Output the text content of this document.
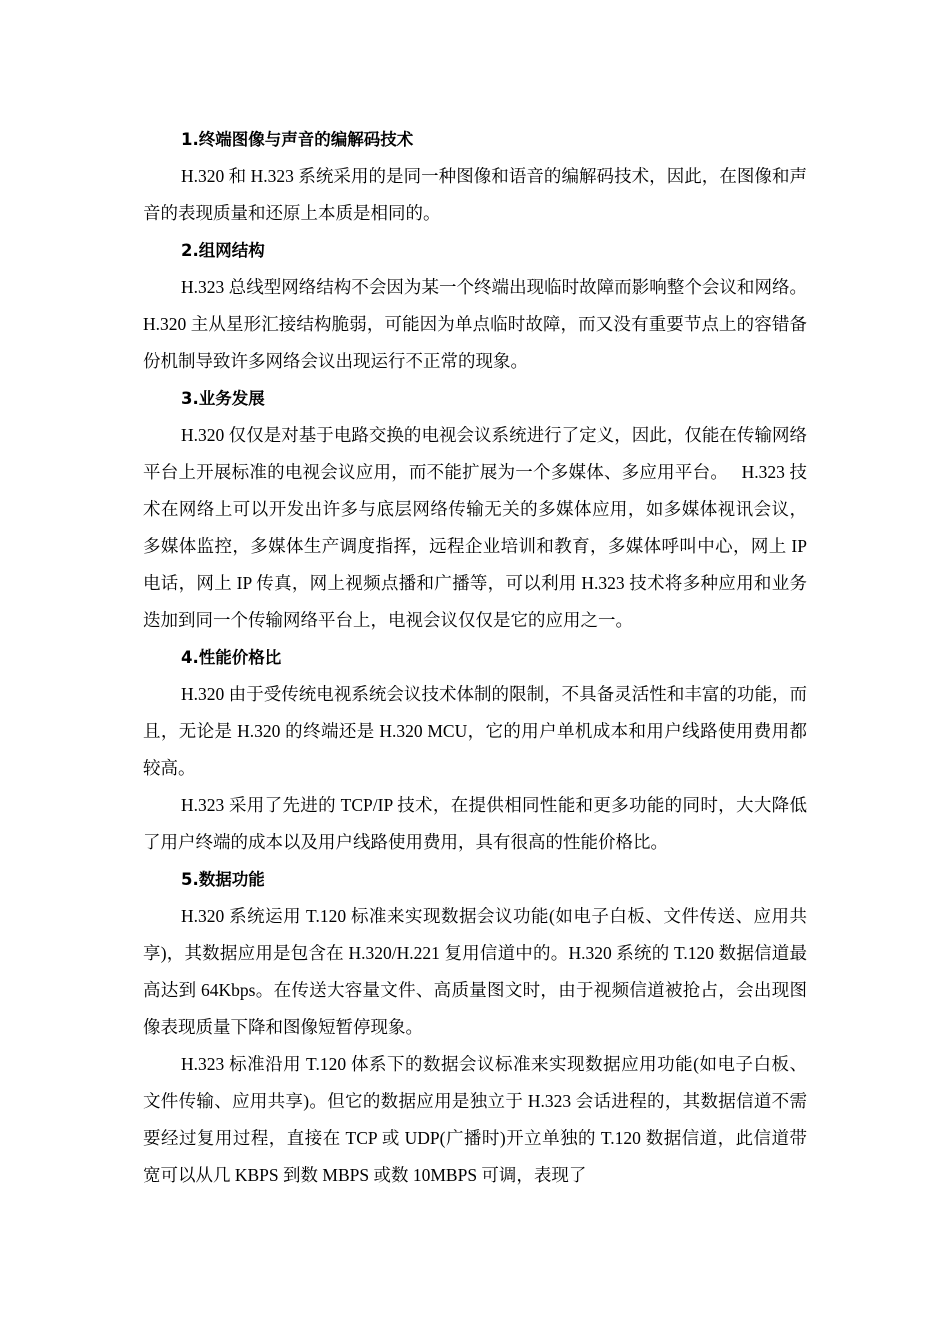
1.终端图像与声音的编解码技术

H.320 和 H.323 系统采用的是同一种图像和语音的编解码技术，因此，在图像和声音的表现质量和还原上本质是相同的。

2.组网结构

H.323 总线型网络结构不会因为某一个终端出现临时故障而影响整个会议和网络。H.320 主从星形汇接结构脆弱，可能因为单点临时故障，而又没有重要节点上的容错备份机制导致许多网络会议出现运行不正常的现象。

3.业务发展

H.320 仅仅是对基于电路交换的电视会议系统进行了定义，因此，仅能在传输网络平台上开展标准的电视会议应用，而不能扩展为一个多媒体、多应用平台。　 H.323 技术在网络上可以开发出许多与底层网络传输无关的多媒体应用，如多媒体视讯会议，多媒体监控，多媒体生产调度指挥，远程企业培训和教育，多媒体呼叫中心，网上 IP 电话，网上 IP 传真，网上视频点播和广播等，可以利用 H.323 技术将多种应用和业务迭加到同一个传输网络平台上，电视会议仅仅是它的应用之一。

4.性能价格比

H.320 由于受传统电视系统会议技术体制的限制，不具备灵活性和丰富的功能，而且，无论是 H.320 的终端还是 H.320 MCU，它的用户单机成本和用户线路使用费用都较高。

H.323 采用了先进的 TCP/IP 技术，在提供相同性能和更多功能的同时，大大降低了用户终端的成本以及用户线路使用费用，具有很高的性能价格比。

5.数据功能

H.320 系统运用 T.120 标准来实现数据会议功能(如电子白板、文件传送、应用共享)，其数据应用是包含在 H.320/H.221 复用信道中的。H.320 系统的 T.120 数据信道最高达到 64Kbps。在传送大容量文件、高质量图文时，由于视频信道被抢占，会出现图像表现质量下降和图像短暂停现象。

H.323 标准沿用 T.120 体系下的数据会议标准来实现数据应用功能(如电子白板、文件传输、应用共享)。但它的数据应用是独立于 H.323 会话进程的，其数据信道不需要经过复用过程，直接在 TCP 或 UDP(广播时)开立单独的 T.120 数据信道，此信道带宽可以从几 KBPS 到数 MBPS 或数 10MBPS 可调，表现了
